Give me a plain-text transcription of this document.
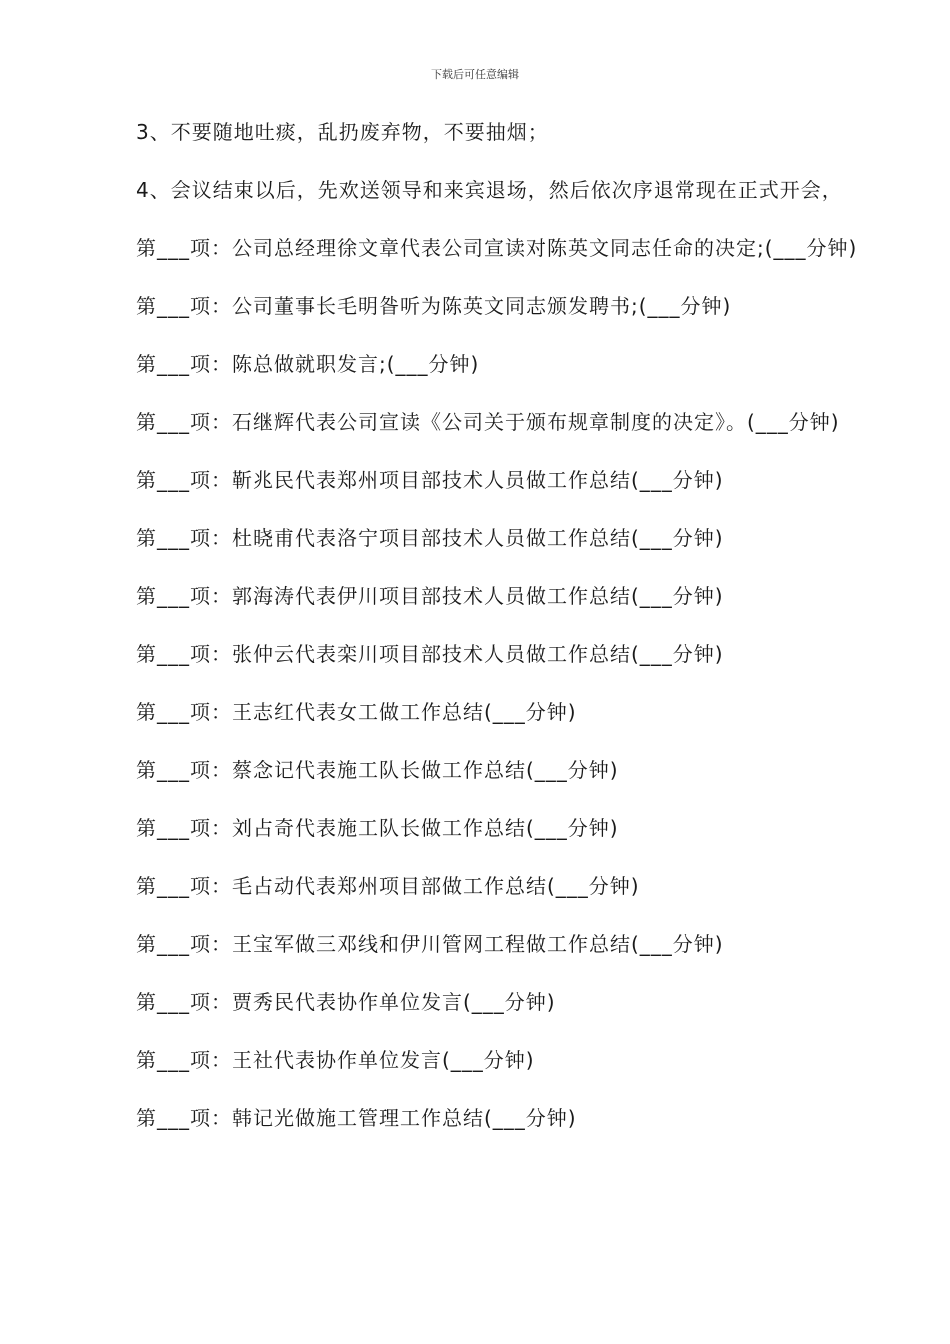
下载后可任意编辑

3、不要随地吐痰，乱扔废弃物，不要抽烟；

4、会议结束以后，先欢送领导和来宾退场，然后依次序退常现在正式开会，

第___项：公司总经理徐文章代表公司宣读对陈英文同志任命的决定;(___分钟)

第___项：公司董事长毛明昝听为陈英文同志颁发聘书;(___分钟)

第___项：陈总做就职发言;(___分钟)

第___项：石继辉代表公司宣读《公司关于颁布规章制度的决定》。(___分钟)

第___项：靳兆民代表郑州项目部技术人员做工作总结(___分钟)

第___项：杜晓甫代表洛宁项目部技术人员做工作总结(___分钟)

第___项：郭海涛代表伊川项目部技术人员做工作总结(___分钟)

第___项：张仲云代表栾川项目部技术人员做工作总结(___分钟)

第___项：王志红代表女工做工作总结(___分钟)

第___项：蔡念记代表施工队长做工作总结(___分钟)

第___项：刘占奇代表施工队长做工作总结(___分钟)

第___项：毛占动代表郑州项目部做工作总结(___分钟)

第___项：王宝军做三邓线和伊川管网工程做工作总结(___分钟)

第___项：贾秀民代表协作单位发言(___分钟)

第___项：王社代表协作单位发言(___分钟)

第___项：韩记光做施工管理工作总结(___分钟)
